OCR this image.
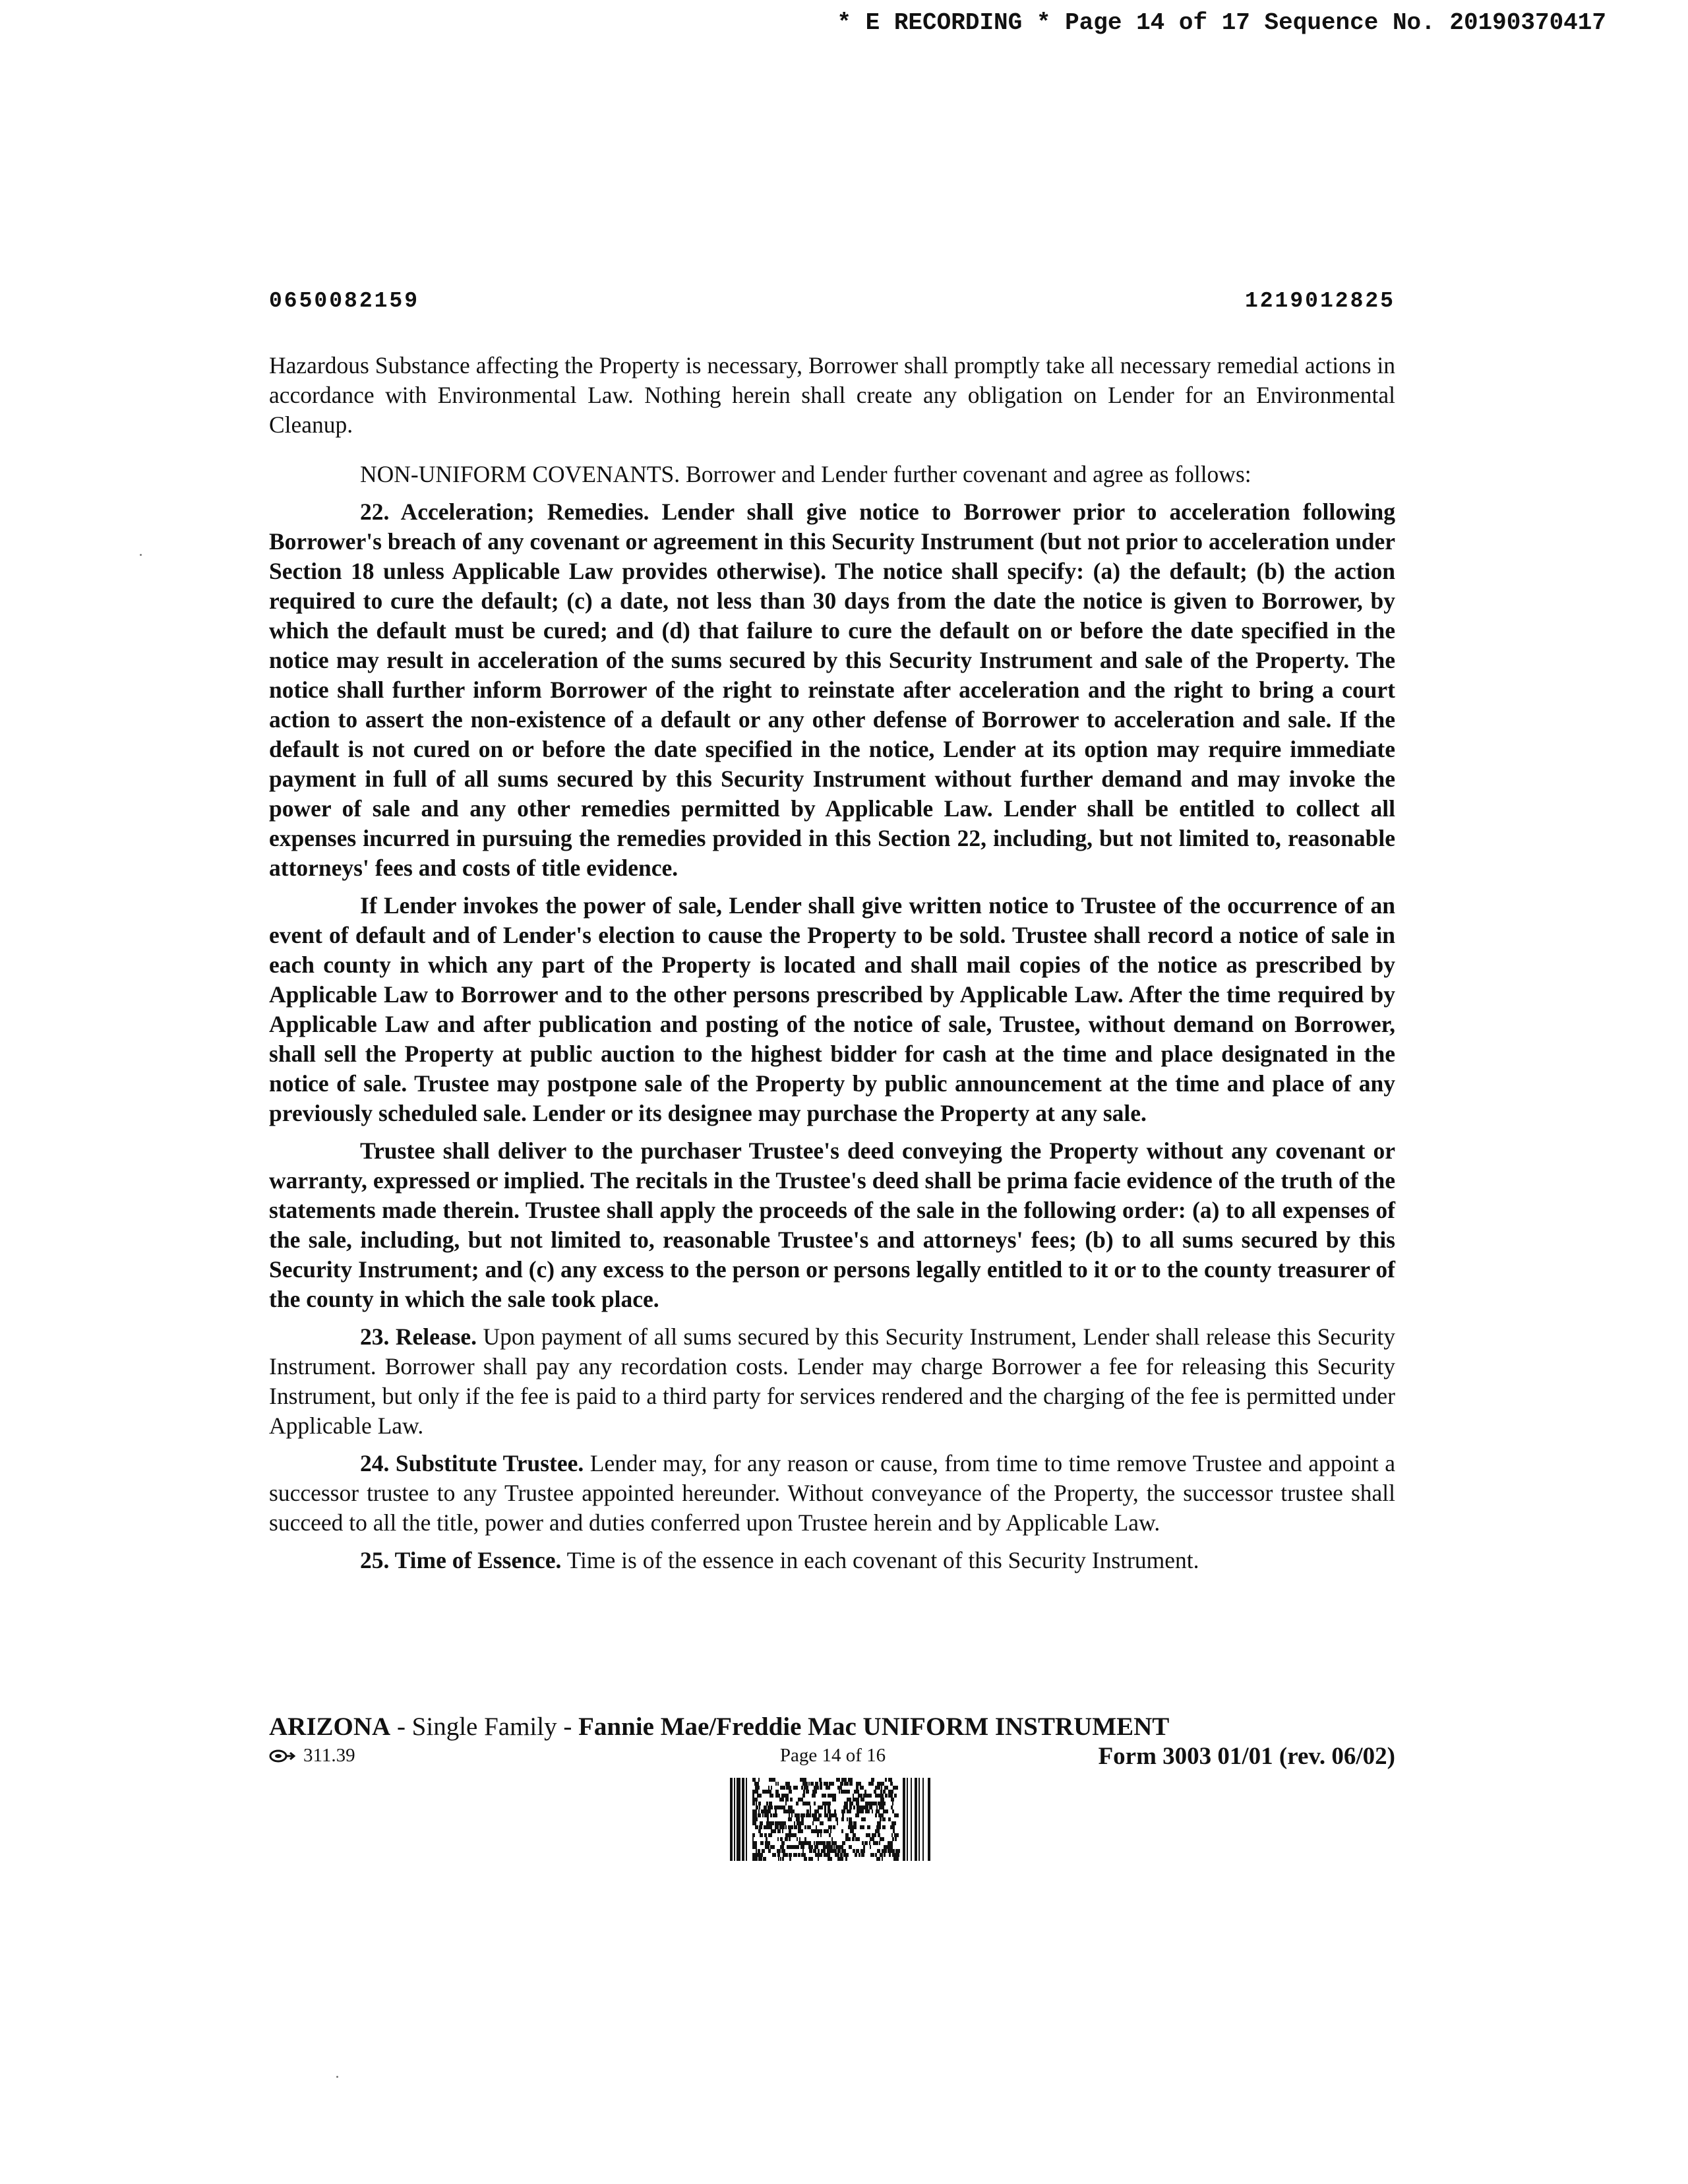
* E RECORDING * Page 14 of 17 Sequence No. 20190370417
0650082159	1219012825

Hazardous Substance affecting the Property is necessary, Borrower shall promptly take all necessary remedial actions in accordance with Environmental Law. Nothing herein shall create any obligation on Lender for an Environmental Cleanup.

NON-UNIFORM COVENANTS. Borrower and Lender further covenant and agree as follows:

22. Acceleration; Remedies. Lender shall give notice to Borrower prior to acceleration following Borrower's breach of any covenant or agreement in this Security Instrument (but not prior to acceleration under Section 18 unless Applicable Law provides otherwise). The notice shall specify: (a) the default; (b) the action required to cure the default; (c) a date, not less than 30 days from the date the notice is given to Borrower, by which the default must be cured; and (d) that failure to cure the default on or before the date specified in the notice may result in acceleration of the sums secured by this Security Instrument and sale of the Property. The notice shall further inform Borrower of the right to reinstate after acceleration and the right to bring a court action to assert the non-existence of a default or any other defense of Borrower to acceleration and sale. If the default is not cured on or before the date specified in the notice, Lender at its option may require immediate payment in full of all sums secured by this Security Instrument without further demand and may invoke the power of sale and any other remedies permitted by Applicable Law. Lender shall be entitled to collect all expenses incurred in pursuing the remedies provided in this Section 22, including, but not limited to, reasonable attorneys' fees and costs of title evidence.

If Lender invokes the power of sale, Lender shall give written notice to Trustee of the occurrence of an event of default and of Lender's election to cause the Property to be sold. Trustee shall record a notice of sale in each county in which any part of the Property is located and shall mail copies of the notice as prescribed by Applicable Law to Borrower and to the other persons prescribed by Applicable Law. After the time required by Applicable Law and after publication and posting of the notice of sale, Trustee, without demand on Borrower, shall sell the Property at public auction to the highest bidder for cash at the time and place designated in the notice of sale. Trustee may postpone sale of the Property by public announcement at the time and place of any previously scheduled sale. Lender or its designee may purchase the Property at any sale.

Trustee shall deliver to the purchaser Trustee's deed conveying the Property without any covenant or warranty, expressed or implied. The recitals in the Trustee's deed shall be prima facie evidence of the truth of the statements made therein. Trustee shall apply the proceeds of the sale in the following order: (a) to all expenses of the sale, including, but not limited to, reasonable Trustee's and attorneys' fees; (b) to all sums secured by this Security Instrument; and (c) any excess to the person or persons legally entitled to it or to the county treasurer of the county in which the sale took place.

23. Release. Upon payment of all sums secured by this Security Instrument, Lender shall release this Security Instrument. Borrower shall pay any recordation costs. Lender may charge Borrower a fee for releasing this Security Instrument, but only if the fee is paid to a third party for services rendered and the charging of the fee is permitted under Applicable Law.

24. Substitute Trustee. Lender may, for any reason or cause, from time to time remove Trustee and appoint a successor trustee to any Trustee appointed hereunder. Without conveyance of the Property, the successor trustee shall succeed to all the title, power and duties conferred upon Trustee herein and by Applicable Law.

25. Time of Essence. Time is of the essence in each covenant of this Security Instrument.

ARIZONA - Single Family - Fannie Mae/Freddie Mac UNIFORM INSTRUMENT
311.39	Page 14 of 16	Form 3003 01/01 (rev. 06/02)
